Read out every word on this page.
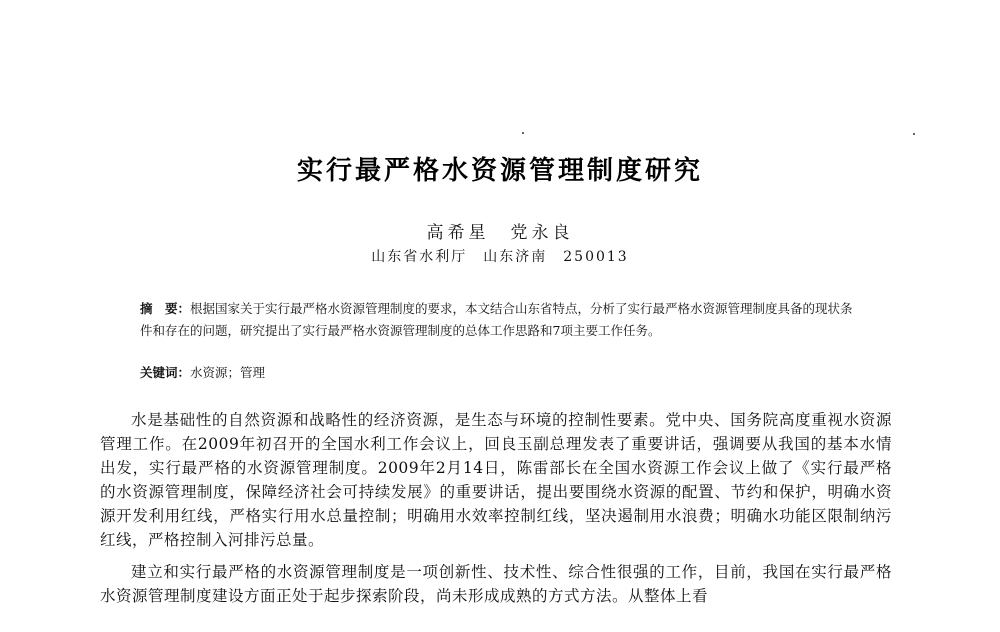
实行最严格水资源管理制度研究
高希星　党永良
山东省水利厅　山东济南　250013
摘　要：根据国家关于实行最严格水资源管理制度的要求，本文结合山东省特点，分析了实行最严格水资源管理制度具备的现状条件和存在的问题，研究提出了实行最严格水资源管理制度的总体工作思路和7项主要工作任务。
关键词：水资源；管理

水是基础性的自然资源和战略性的经济资源，是生态与环境的控制性要素。党中央、国务院高度重视水资源管理工作。在2009年初召开的全国水利工作会议上，回良玉副总理发表了重要讲话，强调要从我国的基本水情出发，实行最严格的水资源管理制度。2009年2月14日，陈雷部长在全国水资源工作会议上做了《实行最严格的水资源管理制度，保障经济社会可持续发展》的重要讲话，提出要围绕水资源的配置、节约和保护，明确水资源开发利用红线，严格实行用水总量控制；明确用水效率控制红线，坚决遏制用水浪费；明确水功能区限制纳污红线，严格控制入河排污总量。

建立和实行最严格的水资源管理制度是一项创新性、技术性、综合性很强的工作，目前，我国在实行最严格水资源管理制度建设方面正处于起步探索阶段，尚未形成成熟的方式方法。从整体上看
